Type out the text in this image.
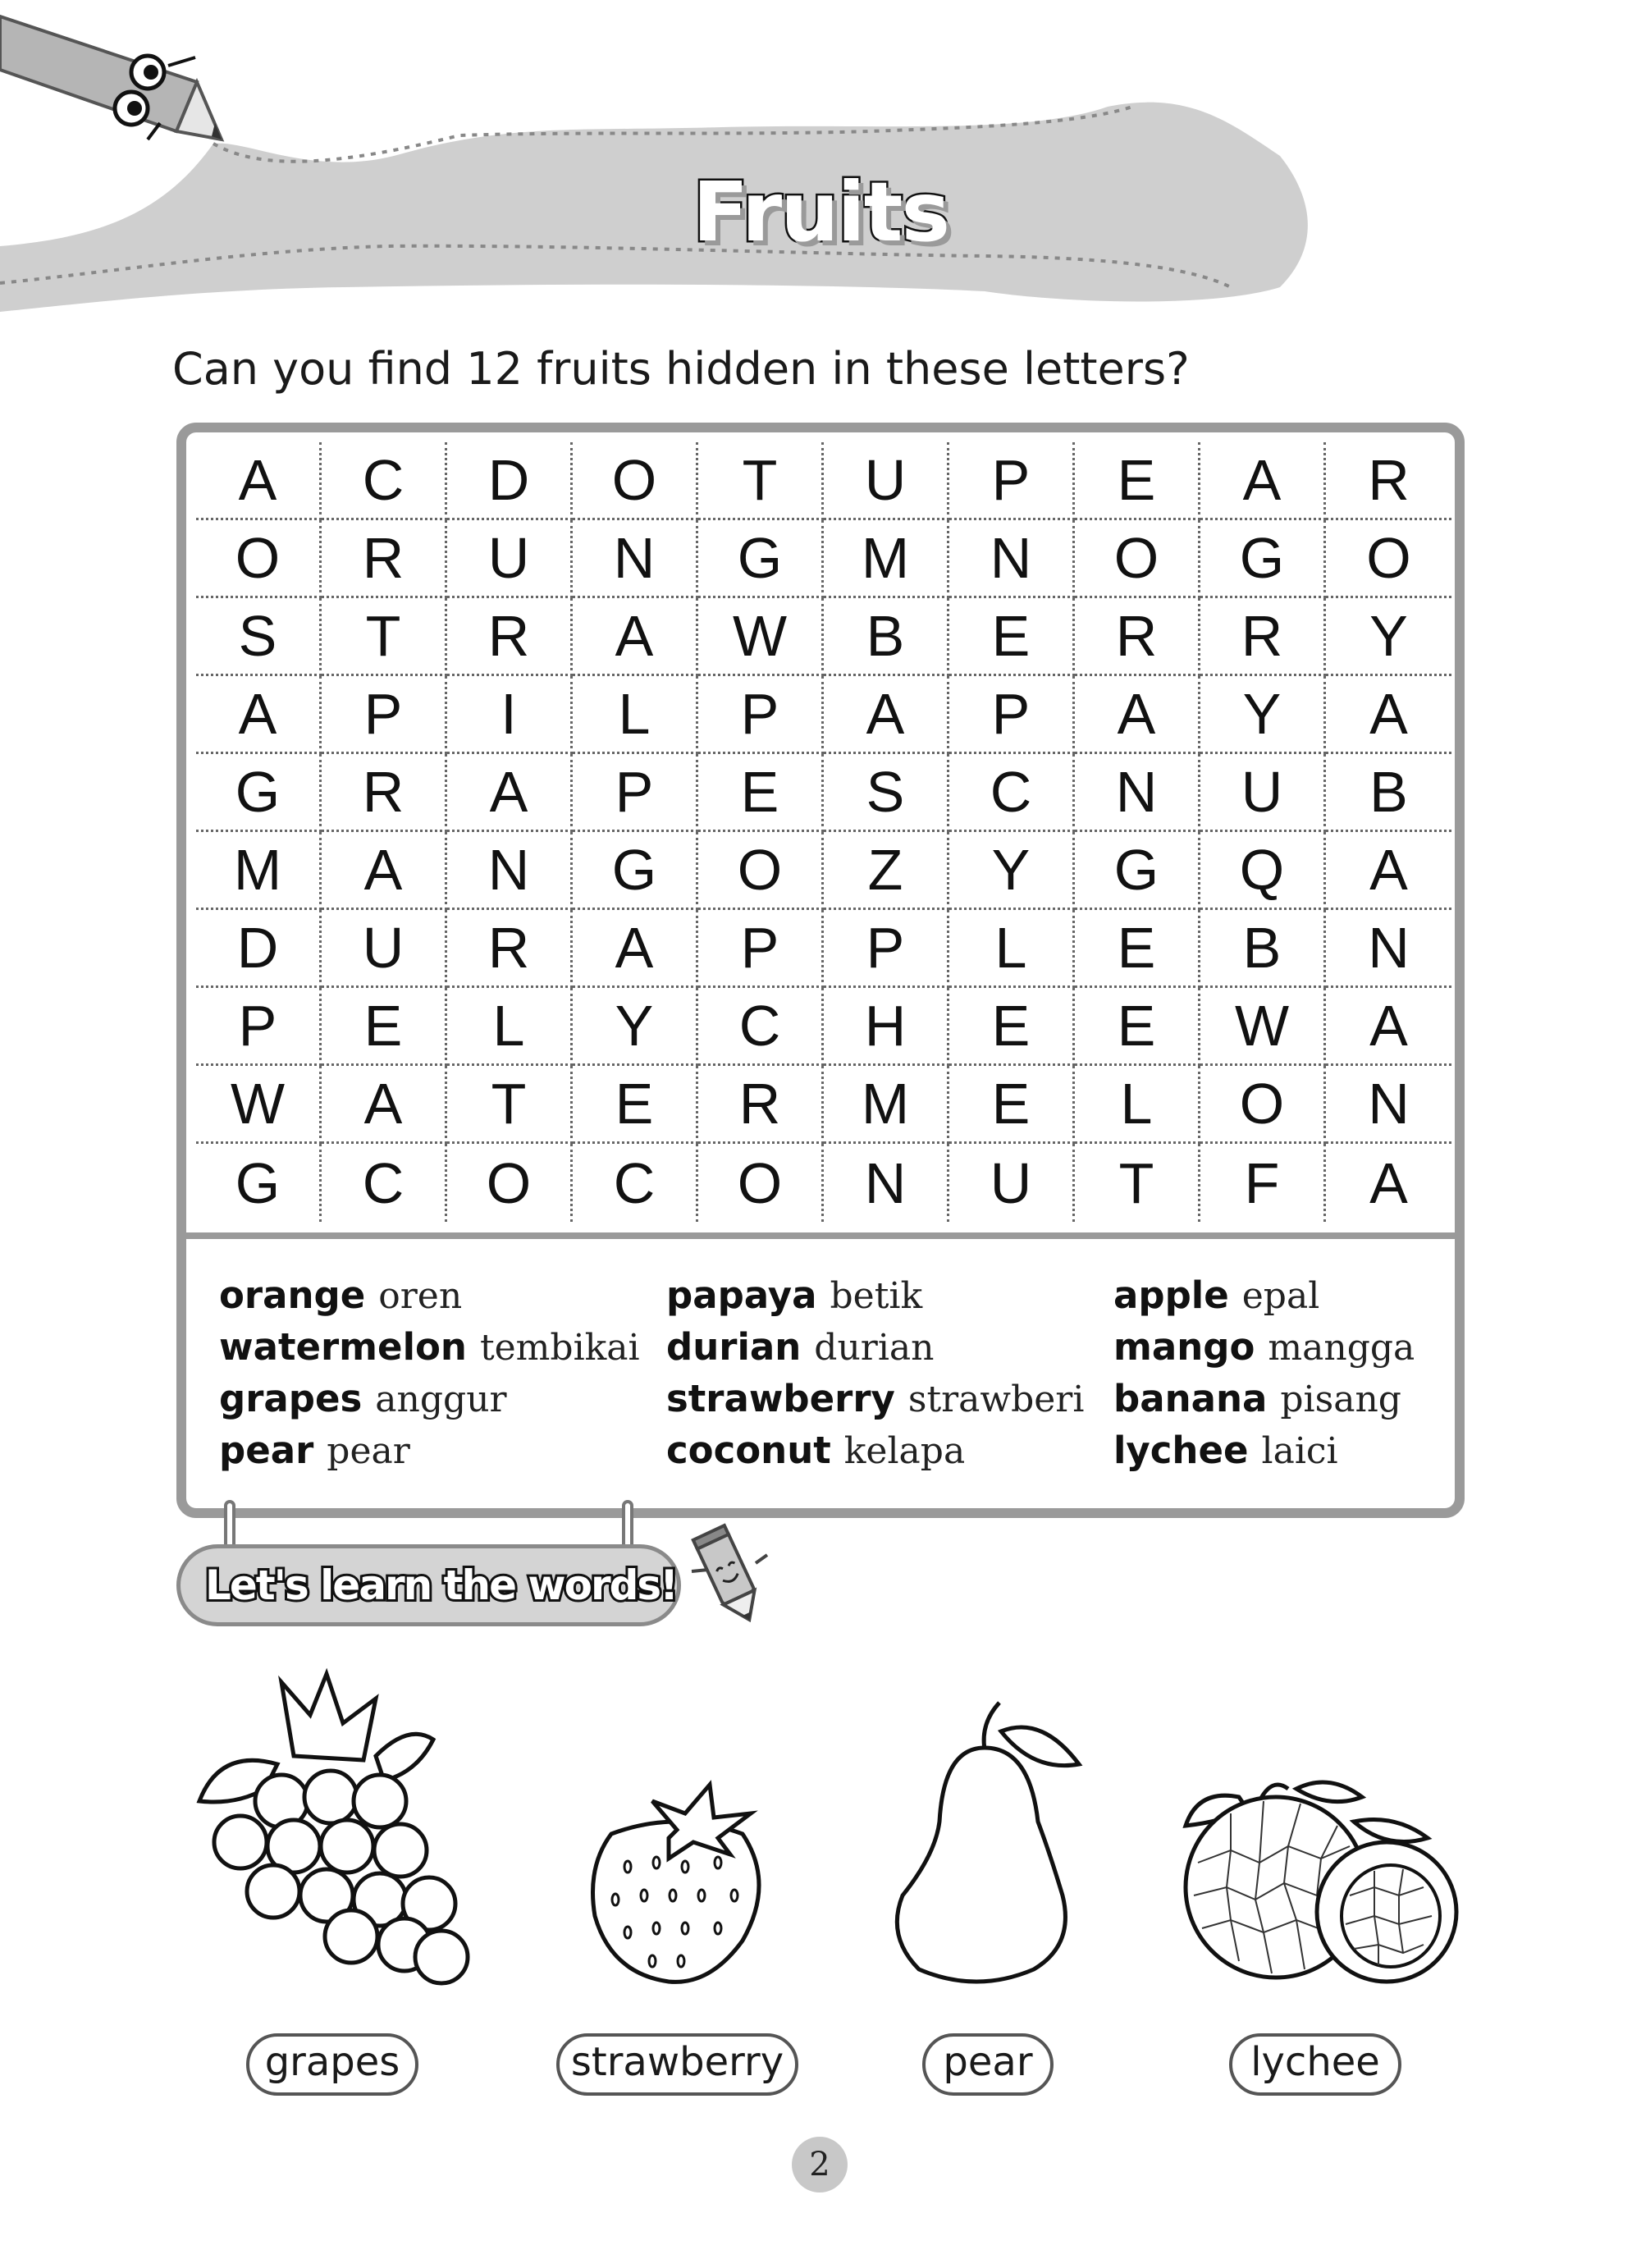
Fruits
Can you find 12 fruits hidden in these letters?
A	C	D	O	T	U	P	E	A	R
O	R	U	N	G	M	N	O	G	O
S	T	R	A	W	B	E	R	R	Y
A	P	I	L	P	A	P	A	Y	A
G	R	A	P	E	S	C	N	U	B
M	A	N	G	O	Z	Y	G	Q	A
D	U	R	A	P	P	L	E	B	N
P	E	L	Y	C	H	E	E	W	A
W	A	T	E	R	M	E	L	O	N
G	C	O	C	O	N	U	T	F	A
orange oren
watermelon tembikai
grapes anggur
pear pear
papaya betik
durian durian
strawberry strawberi
coconut kelapa
apple epal
mango mangga
banana pisang
lychee laici
Let's learn the words!
grapes	strawberry	pear	lychee
2
